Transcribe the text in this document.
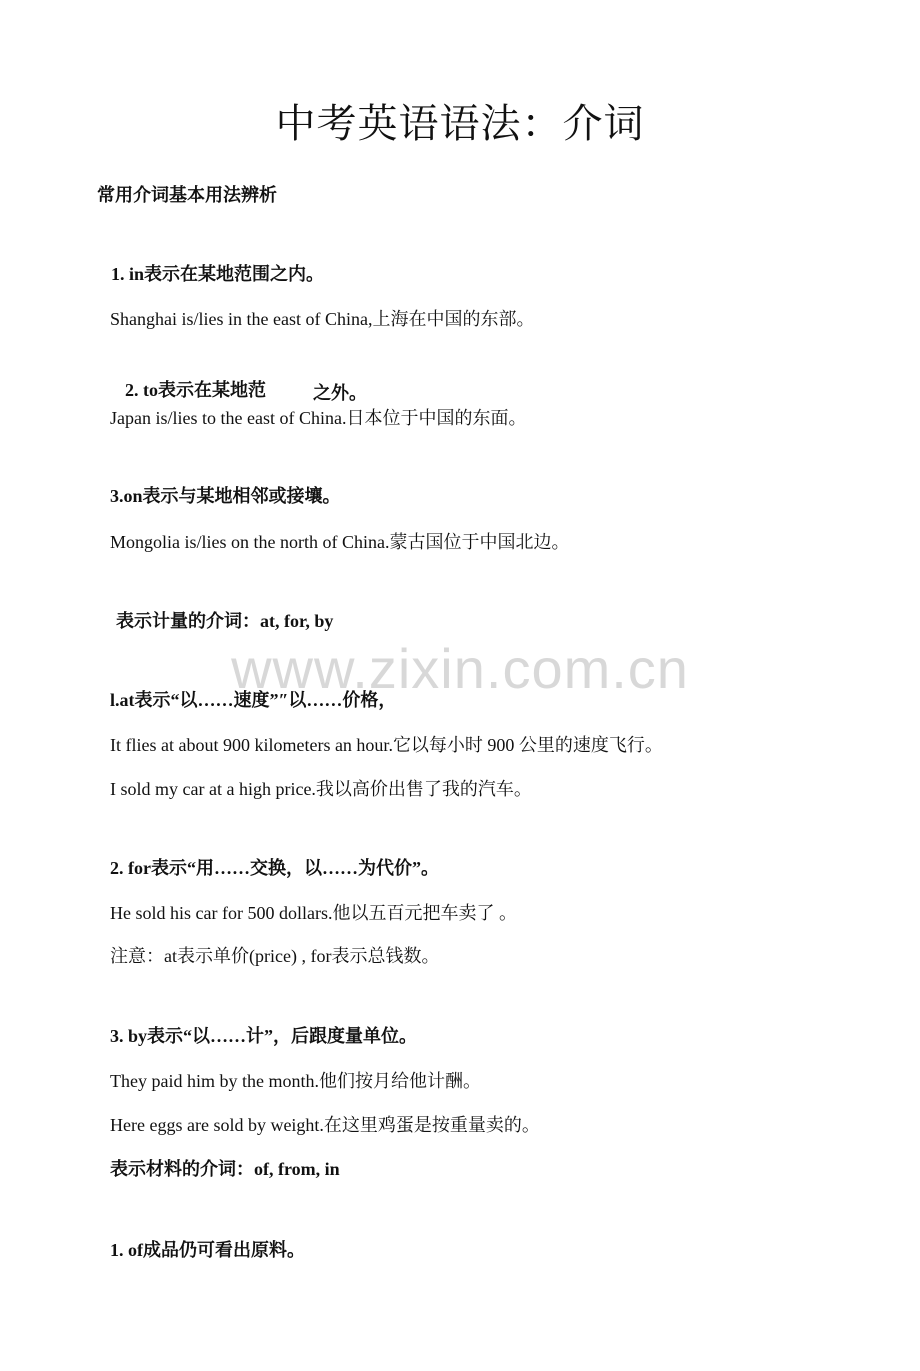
中考英语语法：介词
常用介词基本用法辨析
1. in表示在某地范围之内。
Shanghai is/lies in the east of China,上海在中国的东部。
2. to表示在某地范	之外。
Japan is/lies to the east of China.日本位于中国的东面。
3.on表示与某地相邻或接壤。
Mongolia is/lies on the north of China.蒙古国位于中国北边。
表示计量的介词：at, for, by
www.zixin.com.cn
l.at表示“以……速度”″以……价格，
It flies at about 900 kilometers an hour.它以每小时 900 公里的速度飞行。
I sold my car at a high price.我以高价出售了我的汽车。
2. for表示“用……交换，以……为代价”。
He sold his car for 500 dollars.他以五百元把车卖了 。
注意：at表示单价(price) , for表示总钱数。
3. by表示“以……计”，后跟度量单位。
They paid him by the month.他们按月给他计酬。
Here eggs are sold by weight.在这里鸡蛋是按重量卖的。
表示材料的介词：of, from, in
1. of成品仍可看出原料。
